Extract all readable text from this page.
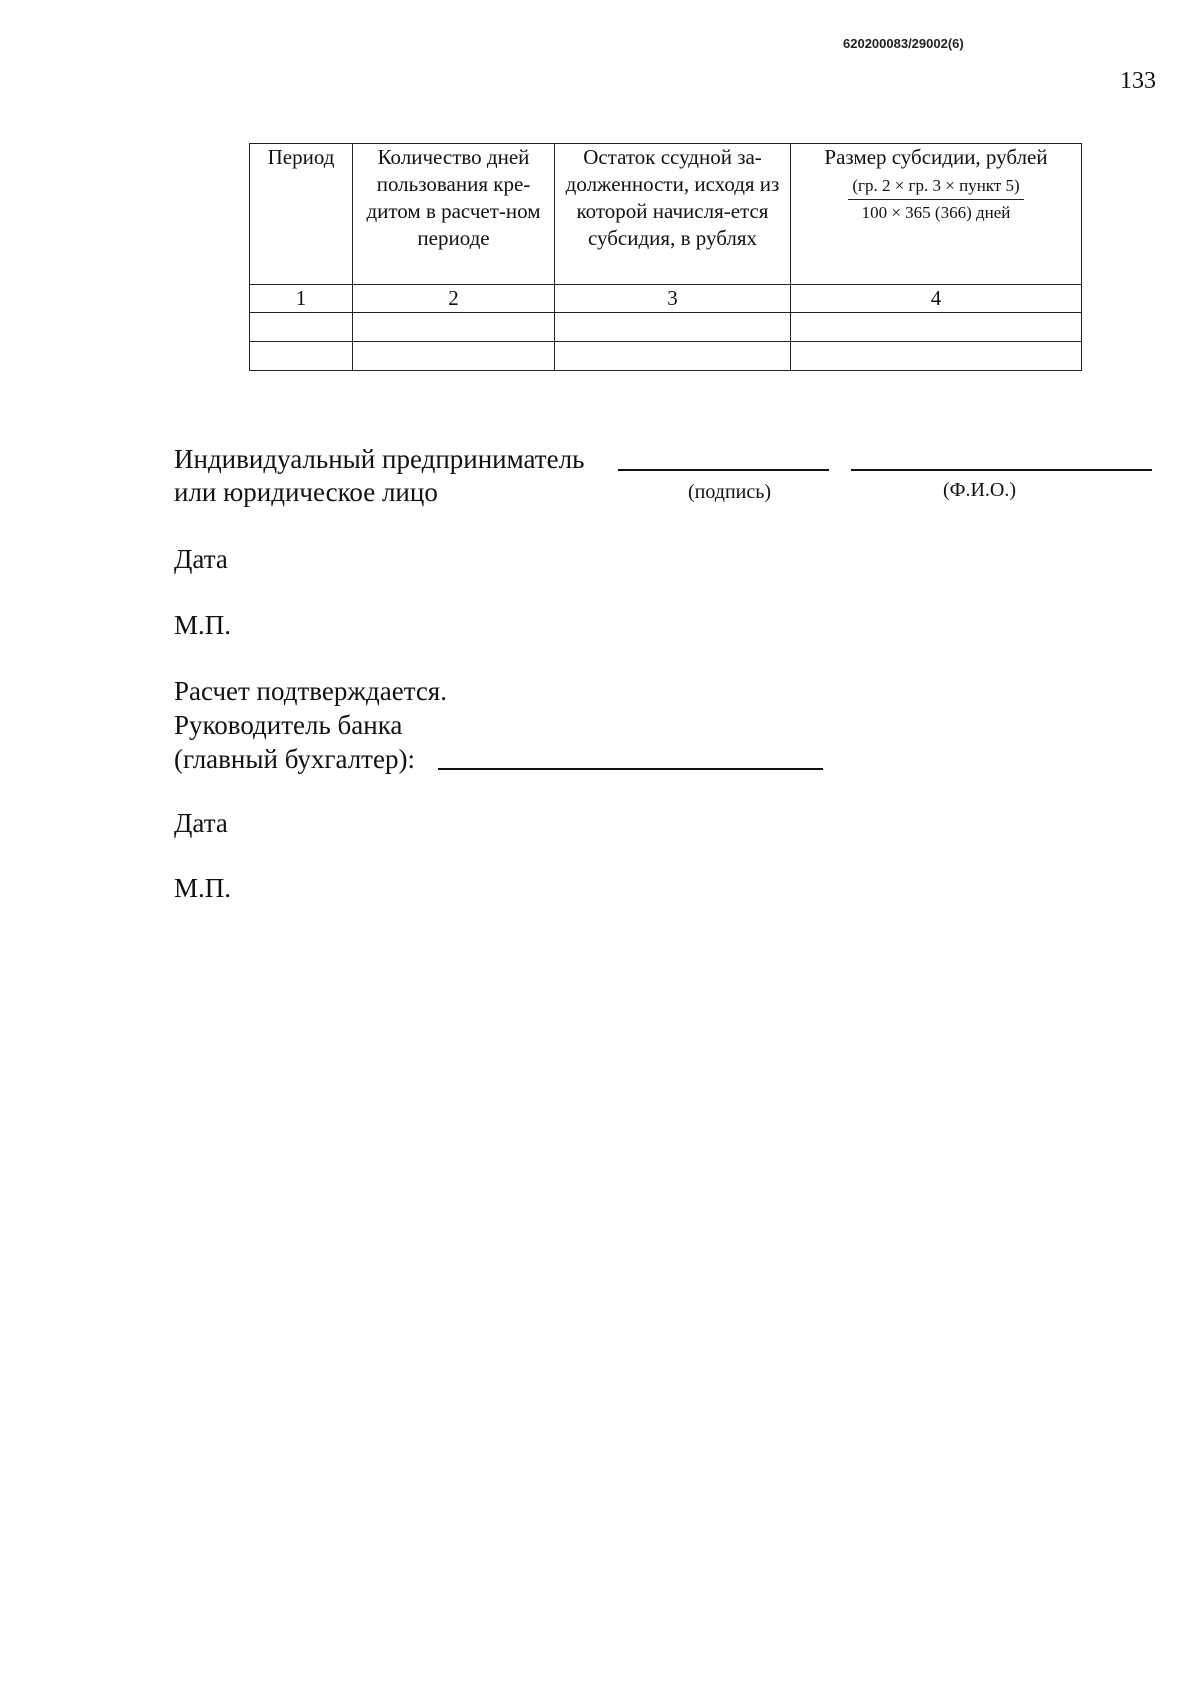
620200083/29002(6)
133
Период	Количество дней пользования кре-дитом в расчет-ном периоде	Остаток ссудной за-долженности, исходя из которой начисля-ется субсидия, в рублях	Размер субсидии, рублей
$\frac{\text{(гр. 2 × гр. 3 × пункт 5)}}{\text{100 × 365 (366) дней}}$

1	2	3	4

Индивидуальный предприниматель
или юридическое лицо	(подпись)	(Ф.И.О.)
Дата
М.П.
Расчет подтверждается.
Руководитель банка
(главный бухгалтер):
Дата
М.П.
